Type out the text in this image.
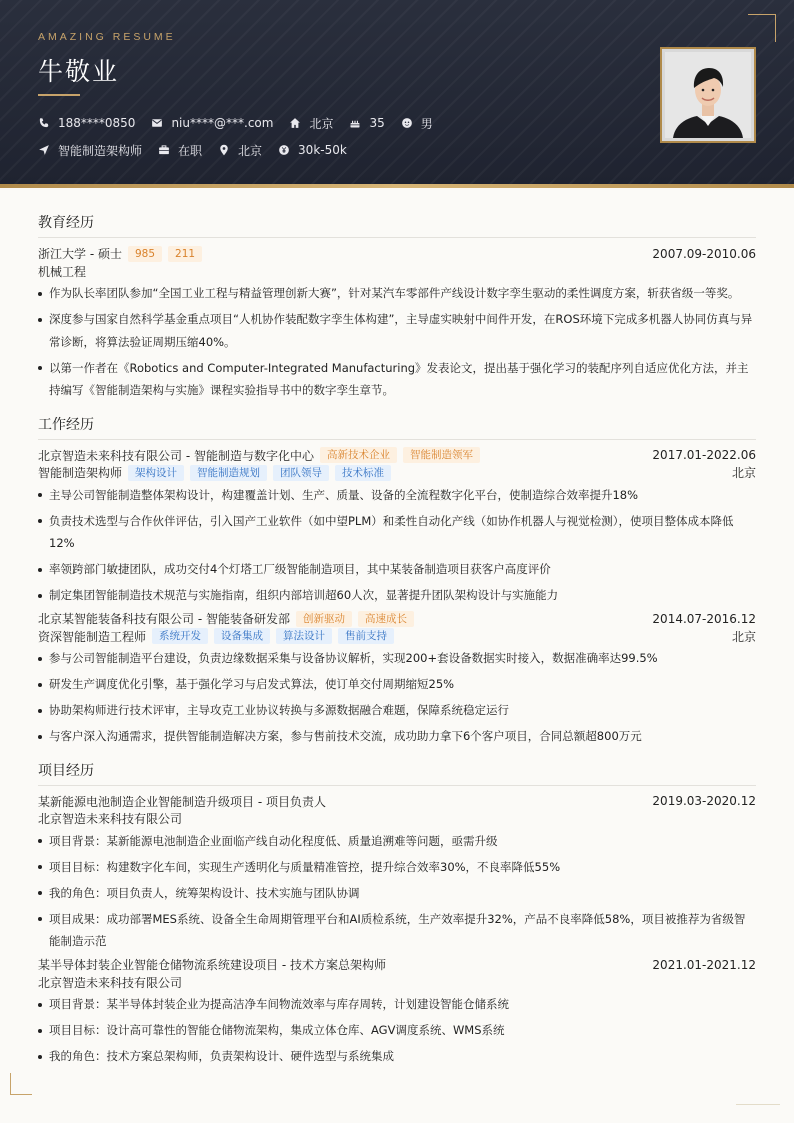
AMAZING RESUME
牛敬业
188****0850	niu****@***.com	北京	35	男
智能制造架构师	在职	北京	30k-50k
教育经历
浙江大学 - 硕士	985	211	2007.09-2010.06
机械工程
作为队长率团队参加“全国工业工程与精益管理创新大赛”，针对某汽车零部件产线设计数字孪生驱动的柔性调度方案，斩获省级一等奖。
深度参与国家自然科学基金重点项目“人机协作装配数字孪生体构建”，主导虚实映射中间件开发，在ROS环境下完成多机器人协同仿真与异常诊断，将算法验证周期压缩40%。
以第一作者在《Robotics and Computer-Integrated Manufacturing》发表论文，提出基于强化学习的装配序列自适应优化方法，并主持编写《智能制造架构与实施》课程实验指导书中的数字孪生章节。
工作经历
北京智造未来科技有限公司 - 智能制造与数字化中心	高新技术企业	智能制造领军	2017.01-2022.06
智能制造架构师	架构设计	智能制造规划	团队领导	技术标准	北京
主导公司智能制造整体架构设计，构建覆盖计划、生产、质量、设备的全流程数字化平台，使制造综合效率提升18%
负责技术选型与合作伙伴评估，引入国产工业软件（如中望PLM）和柔性自动化产线（如协作机器人与视觉检测），使项目整体成本降低12%
率领跨部门敏捷团队，成功交付4个灯塔工厂级智能制造项目，其中某装备制造项目获客户高度评价
制定集团智能制造技术规范与实施指南，组织内部培训超60人次，显著提升团队架构设计与实施能力
北京某智能装备科技有限公司 - 智能装备研发部	创新驱动	高速成长	2014.07-2016.12
资深智能制造工程师	系统开发	设备集成	算法设计	售前支持	北京
参与公司智能制造平台建设，负责边缘数据采集与设备协议解析，实现200+套设备数据实时接入，数据准确率达99.5%
研发生产调度优化引擎，基于强化学习与启发式算法，使订单交付周期缩短25%
协助架构师进行技术评审，主导攻克工业协议转换与多源数据融合难题，保障系统稳定运行
与客户深入沟通需求，提供智能制造解决方案，参与售前技术交流，成功助力拿下6个客户项目，合同总额超800万元
项目经历
某新能源电池制造企业智能制造升级项目 - 项目负责人	2019.03-2020.12
北京智造未来科技有限公司
项目背景：某新能源电池制造企业面临产线自动化程度低、质量追溯难等问题，亟需升级
项目目标：构建数字化车间，实现生产透明化与质量精准管控，提升综合效率30%，不良率降低55%
我的角色：项目负责人，统筹架构设计、技术实施与团队协调
项目成果：成功部署MES系统、设备全生命周期管理平台和AI质检系统，生产效率提升32%，产品不良率降低58%，项目被推荐为省级智能制造示范
某半导体封装企业智能仓储物流系统建设项目 - 技术方案总架构师	2021.01-2021.12
北京智造未来科技有限公司
项目背景：某半导体封装企业为提高洁净车间物流效率与库存周转，计划建设智能仓储系统
项目目标：设计高可靠性的智能仓储物流架构，集成立体仓库、AGV调度系统、WMS系统
我的角色：技术方案总架构师，负责架构设计、硬件选型与系统集成
